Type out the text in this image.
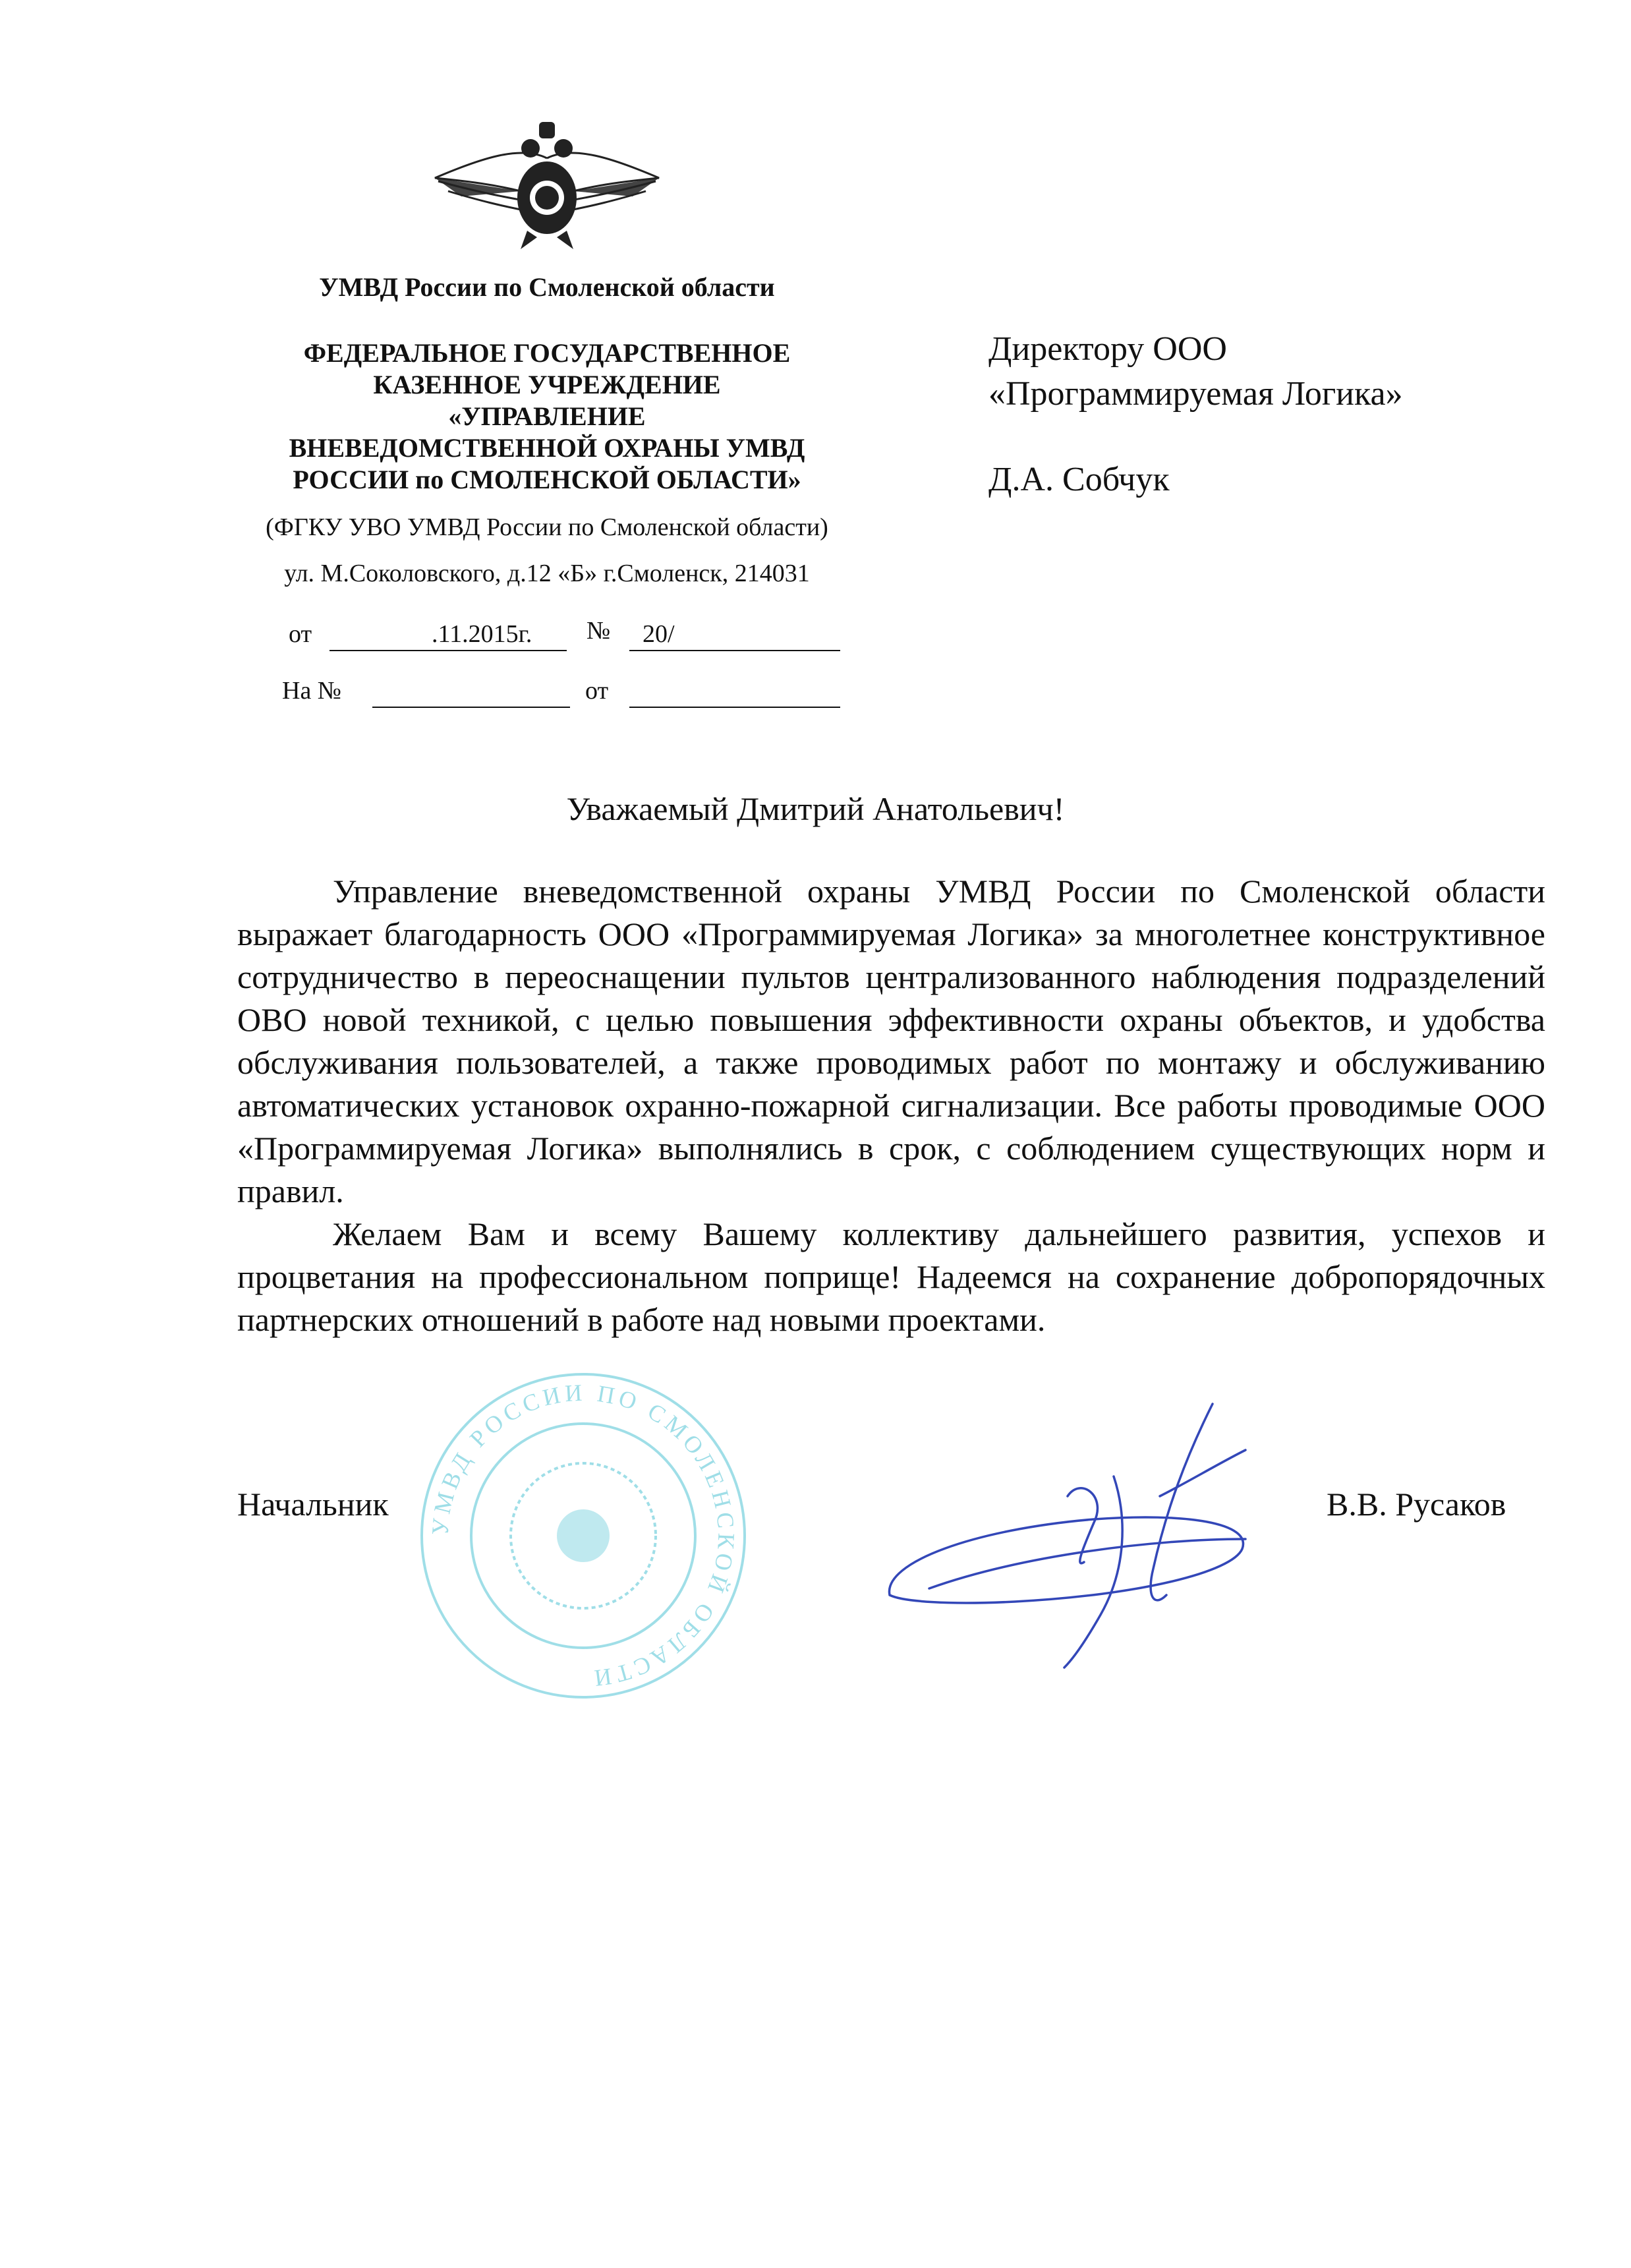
УМВД России по Смоленской области
ФЕДЕРАЛЬНОЕ ГОСУДАРСТВЕННОЕ
КАЗЕННОЕ УЧРЕЖДЕНИЕ
«УПРАВЛЕНИЕ
ВНЕВЕДОМСТВЕННОЙ ОХРАНЫ УМВД
РОССИИ по СМОЛЕНСКОЙ ОБЛАСТИ»
(ФГКУ УВО УМВД России по Смоленской области)
ул. М.Соколовского, д.12 «Б» г.Смоленск, 214031
от	.11.2015г. № 20/
На №	от
Директору ООО
«Программируемая Логика»
Д.А. Собчук
Уважаемый Дмитрий Анатольевич!

Управление вневедомственной охраны УМВД России по Смоленской области выражает благодарность ООО «Программируемая Логика» за многолетнее конструктивное сотрудничество в переоснащении пультов централизованного наблюдения подразделений ОВО новой техникой, с целью повышения эффективности охраны объектов, и удобства обслуживания пользователей, а также проводимых работ по монтажу и обслуживанию автоматических установок охранно-пожарной сигнализации. Все работы проводимые ООО «Программируемая Логика» выполнялись в срок, с соблюдением существующих норм и правил.

Желаем Вам и всему Вашему коллективу дальнейшего развития, успехов и процветания на профессиональном поприще! Надеемся на сохранение добропорядочных партнерских отношений в работе над новыми проектами.

УМВД РОССИИ ПО СМОЛЕНСКОЙ ОБЛАСТИ
Начальник	В.В. Русаков
